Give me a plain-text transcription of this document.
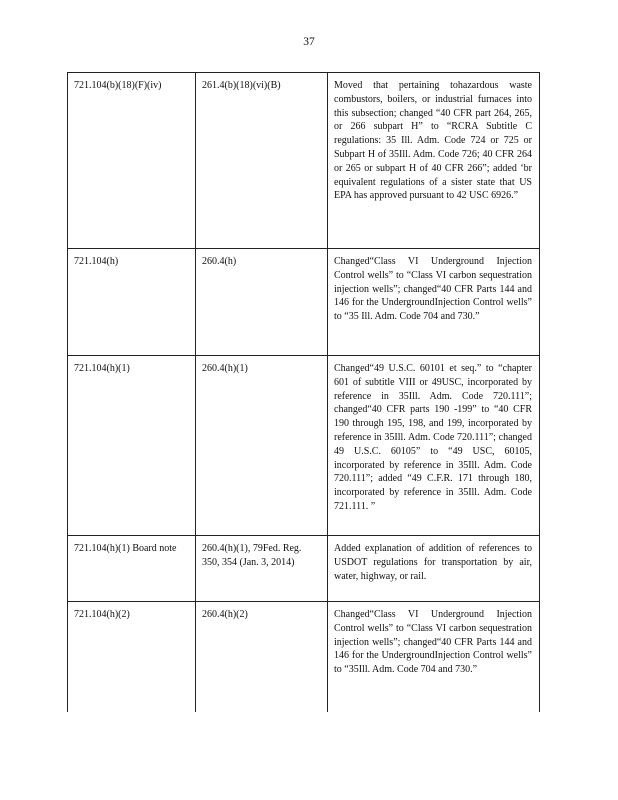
37
721.104(b)(18)(F)(iv)	261.4(b)(18)(vi)(B)	Moved that pertaining tohazardous waste combustors, boilers, or industrial furnaces into this subsection; changed “40 CFR part 264, 265, or 266 subpart H” to “RCRA Subtitle C regulations: 35 Ill. Adm. Code 724 or 725 or Subpart H of 35Ill. Adm. Code 726; 40 CFR 264 or 265 or subpart H of 40 CFR 266”; added ‘br equivalent regulations of a sister state that US EPA has approved pursuant to 42 USC 6926.”
721.104(h)	260.4(h)	Changed“Class VI Underground Injection Control wells” to “Class VI carbon sequestration injection wells”; changed“40 CFR Parts 144 and 146 for the UndergroundInjection Control wells” to “35 Ill. Adm. Code 704 and 730.”
721.104(h)(1)	260.4(h)(1)	Changed“49 U.S.C. 60101 et seq.” to “chapter 601 of subtitle VIII or 49USC, incorporated by reference in 35Ill. Adm. Code 720.111”; changed“40 CFR parts 190 -199” to “40 CFR 190 through 195, 198, and 199, incorporated by reference in 35Ill. Adm. Code 720.111”; changed 49 U.S.C. 60105” to “49 USC, 60105, incorporated by reference in 35Ill. Adm. Code 720.111”; added “49 C.F.R. 171 through 180, incorporated by reference in 35Ill. Adm. Code 721.111. ”
721.104(h)(1) Board note	260.4(h)(1), 79Fed. Reg. 350, 354 (Jan. 3, 2014)	Added explanation of addition of references to USDOT regulations for transportation by air, water, highway, or rail.
721.104(h)(2)	260.4(h)(2)	Changed“Class VI Underground Injection Control wells” to “Class VI carbon sequestration injection wells”; changed“40 CFR Parts 144 and 146 for the UndergroundInjection Control wells” to “35Ill. Adm. Code 704 and 730.”
